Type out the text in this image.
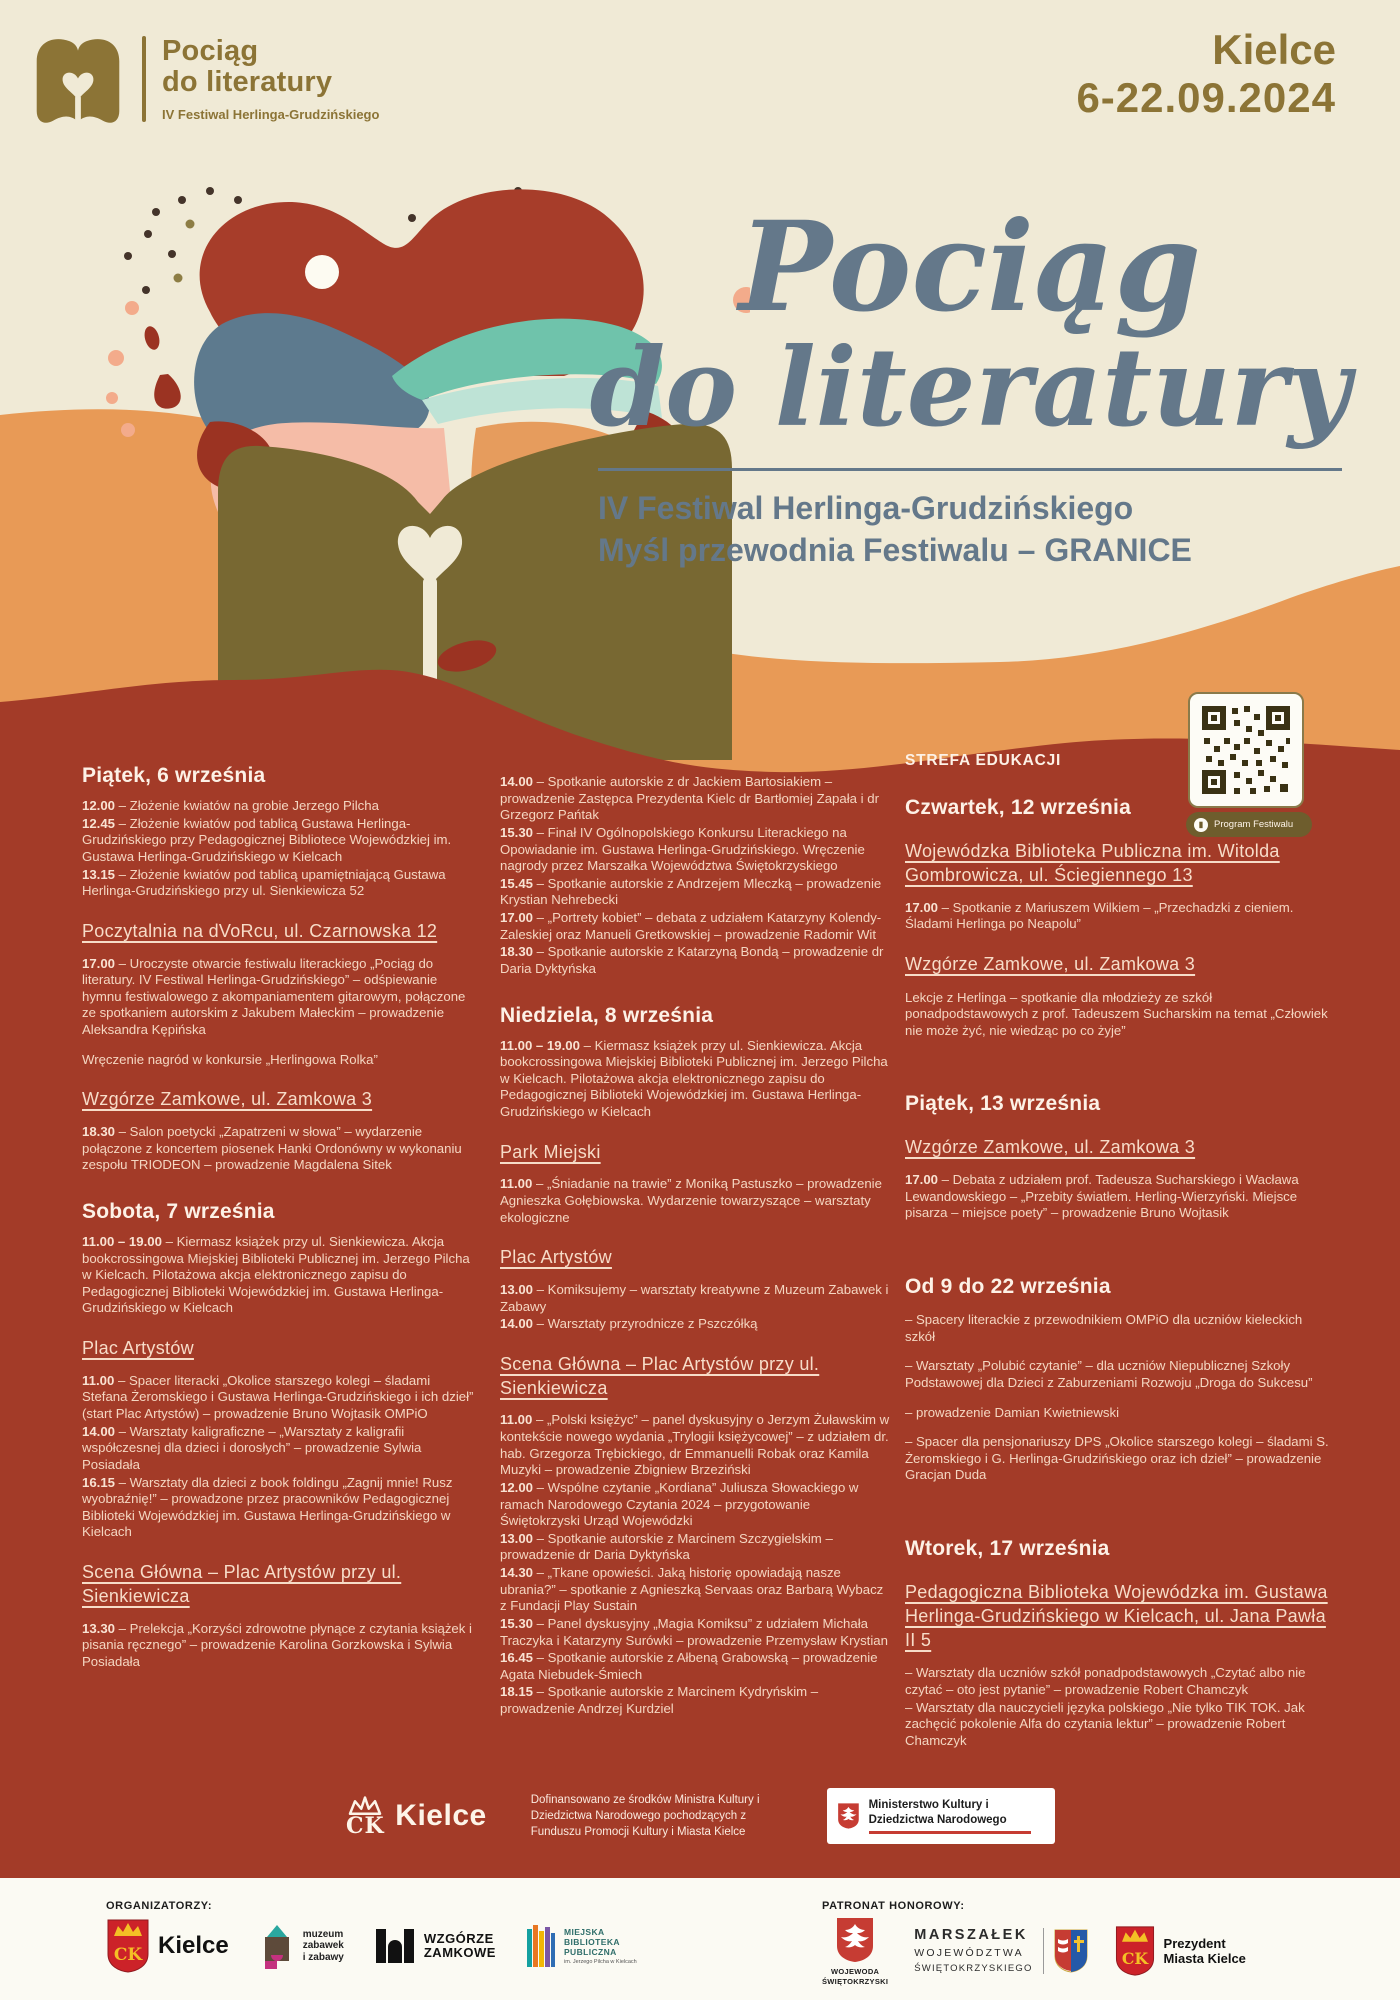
Pociąg
do literatury
IV Festiwal Herlinga-Grudzińskiego
Kielce
6-22.09.2024
Pociąg
do literatury

IV Festiwal Herlinga-Grudzińskiego

Myśl przewodnia Festiwalu – GRANICE

▮	Program Festiwalu
Piątek, 6 września

12.00 – Złożenie kwiatów na grobie Jerzego Pilcha

12.45 – Złożenie kwiatów pod tablicą Gustawa Herlinga-Grudzińskiego przy Pedagogicznej Bibliotece Wojewódzkiej im. Gustawa Herlinga-Grudzińskiego w Kielcach

13.15 – Złożenie kwiatów pod tablicą upamiętniającą Gustawa Herlinga-Grudzińskiego przy ul. Sienkiewicza 52

Poczytalnia na dVoRcu, ul. Czarnowska 12

17.00 – Uroczyste otwarcie festiwalu literackiego „Pociąg do literatury. IV Festiwal Herlinga-Grudzińskiego” – odśpiewanie hymnu festiwalowego z akompaniamentem gitarowym, połączone ze spotkaniem autorskim z Jakubem Małeckim – prowadzenie Aleksandra Kępińska

Wręczenie nagród w konkursie „Herlingowa Rolka”

Wzgórze Zamkowe, ul. Zamkowa 3

18.30 – Salon poetycki „Zapatrzeni w słowa” – wydarzenie połączone z koncertem piosenek Hanki Ordonówny w wykonaniu zespołu TRIODEON – prowadzenie Magdalena Sitek

Sobota, 7 września

11.00 – 19.00 – Kiermasz książek przy ul. Sienkiewicza. Akcja bookcrossingowa Miejskiej Biblioteki Publicznej im. Jerzego Pilcha w Kielcach. Pilotażowa akcja elektronicznego zapisu do Pedagogicznej Biblioteki Wojewódzkiej im. Gustawa Herlinga-Grudzińskiego w Kielcach

Plac Artystów

11.00 – Spacer literacki „Okolice starszego kolegi – śladami Stefana Żeromskiego i Gustawa Herlinga-Grudzińskiego i ich dzieł” (start Plac Artystów) – prowadzenie Bruno Wojtasik OMPiO

14.00 – Warsztaty kaligraficzne – „Warsztaty z kaligrafii współczesnej dla dzieci i dorosłych” – prowadzenie Sylwia Posiadała

16.15 – Warsztaty dla dzieci z book foldingu „Zagnij mnie! Rusz wyobraźnię!” – prowadzone przez pracowników Pedagogicznej Biblioteki Wojewódzkiej im. Gustawa Herlinga-Grudzińskiego w Kielcach

Scena Główna – Plac Artystów przy ul. Sienkiewicza

13.30 – Prelekcja „Korzyści zdrowotne płynące z czytania książek i pisania ręcznego” – prowadzenie Karolina Gorzkowska i Sylwia Posiadała

14.00 – Spotkanie autorskie z dr Jackiem Bartosiakiem – prowadzenie Zastępca Prezydenta Kielc dr Bartłomiej Zapała i dr Grzegorz Pańtak

15.30 – Finał IV Ogólnopolskiego Konkursu Literackiego na Opowiadanie im. Gustawa Herlinga-Grudzińskiego. Wręczenie nagrody przez Marszałka Województwa Świętokrzyskiego

15.45 – Spotkanie autorskie z Andrzejem Mleczką – prowadzenie Krystian Nehrebecki

17.00 – „Portrety kobiet” – debata z udziałem Katarzyny Kolendy-Zaleskiej oraz Manueli Gretkowskiej – prowadzenie Radomir Wit

18.30 – Spotkanie autorskie z Katarzyną Bondą – prowadzenie dr Daria Dyktyńska

Niedziela, 8 września

11.00 – 19.00 – Kiermasz książek przy ul. Sienkiewicza. Akcja bookcrossingowa Miejskiej Biblioteki Publicznej im. Jerzego Pilcha w Kielcach. Pilotażowa akcja elektronicznego zapisu do Pedagogicznej Biblioteki Wojewódzkiej im. Gustawa Herlinga-Grudzińskiego w Kielcach

Park Miejski

11.00 – „Śniadanie na trawie” z Moniką Pastuszko – prowadzenie Agnieszka Gołębiowska. Wydarzenie towarzyszące – warsztaty ekologiczne

Plac Artystów

13.00 – Komiksujemy – warsztaty kreatywne z Muzeum Zabawek i Zabawy

14.00 – Warsztaty przyrodnicze z Pszczółką

Scena Główna – Plac Artystów przy ul. Sienkiewicza

11.00 – „Polski księżyc” – panel dyskusyjny o Jerzym Żuławskim w kontekście nowego wydania „Trylogii księżycowej” – z udziałem dr. hab. Grzegorza Trębickiego, dr Emmanuelli Robak oraz Kamila Muzyki – prowadzenie Zbigniew Brzeziński

12.00 – Wspólne czytanie „Kordiana” Juliusza Słowackiego w ramach Narodowego Czytania 2024 – przygotowanie Świętokrzyski Urząd Wojewódzki

13.00 – Spotkanie autorskie z Marcinem Szczygielskim – prowadzenie dr Daria Dyktyńska

14.30 – „Tkane opowieści. Jaką historię opowiadają nasze ubrania?” – spotkanie z Agnieszką Servaas oraz Barbarą Wybacz z Fundacji Play Sustain

15.30 – Panel dyskusyjny „Magia Komiksu” z udziałem Michała Traczyka i Katarzyny Surówki – prowadzenie Przemysław Krystian

16.45 – Spotkanie autorskie z Ałbeną Grabowską – prowadzenie Agata Niebudek-Śmiech

18.15 – Spotkanie autorskie z Marcinem Kydryńskim – prowadzenie Andrzej Kurdziel

STREFA EDUKACJI
Czwartek, 12 września
Wojewódzka Biblioteka Publiczna im. Witolda Gombrowicza, ul. Ściegiennego 13

17.00 – Spotkanie z Mariuszem Wilkiem – „Przechadzki z cieniem. Śladami Herlinga po Neapolu”

Wzgórze Zamkowe, ul. Zamkowa 3

Lekcje z Herlinga – spotkanie dla młodzieży ze szkół ponadpodstawowych z prof. Tadeuszem Sucharskim na temat „Człowiek nie może żyć, nie wiedząc po co żyje”

Piątek, 13 września
Wzgórze Zamkowe, ul. Zamkowa 3

17.00 – Debata z udziałem prof. Tadeusza Sucharskiego i Wacława Lewandowskiego – „Przebity światłem. Herling-Wierzyński. Miejsce pisarza – miejsce poety” – prowadzenie Bruno Wojtasik

Od 9 do 22 września

– Spacery literackie z przewodnikiem OMPiO dla uczniów kieleckich szkół

– Warsztaty „Polubić czytanie” – dla uczniów Niepublicznej Szkoły Podstawowej dla Dzieci z Zaburzeniami Rozwoju „Droga do Sukcesu”

– prowadzenie Damian Kwietniewski

– Spacer dla pensjonariuszy DPS „Okolice starszego kolegi – śladami S. Żeromskiego i G. Herlinga-Grudzińskiego oraz ich dzieł” – prowadzenie Gracjan Duda

Wtorek, 17 września
Pedagogiczna Biblioteka Wojewódzka im. Gustawa Herlinga-Grudzińskiego w Kielcach, ul. Jana Pawła II 5

– Warsztaty dla uczniów szkół ponadpodstawowych „Czytać albo nie czytać – oto jest pytanie” – prowadzenie Robert Chamczyk

– Warsztaty dla nauczycieli języka polskiego „Nie tylko TIK TOK. Jak zachęcić pokolenie Alfa do czytania lektur” – prowadzenie Robert Chamczyk

CK Kielce	Dofinansowano ze środków Ministra Kultury i Dziedzictwa Narodowego pochodzących z Funduszu Promocji Kultury i Miasta Kielce
Ministerstwo Kultury i Dziedzictwa Narodowego
ORGANIZATORZY:
CK Kielce	muzeum
zabawek
i zabawy
WZGÓRZE
ZAMKOWE
MIEJSKA
BIBLIOTEKA
PUBLICZNA
im. Jerzego Pilcha w Kielcach
PATRONAT HONOROWY:
WOJEWODA
ŚWIĘTOKRZYSKI
MARSZAŁEK
WOJEWÓDZTWA
ŚWIĘTOKRZYSKIEGO
CK
Prezydent
Miasta Kielce
